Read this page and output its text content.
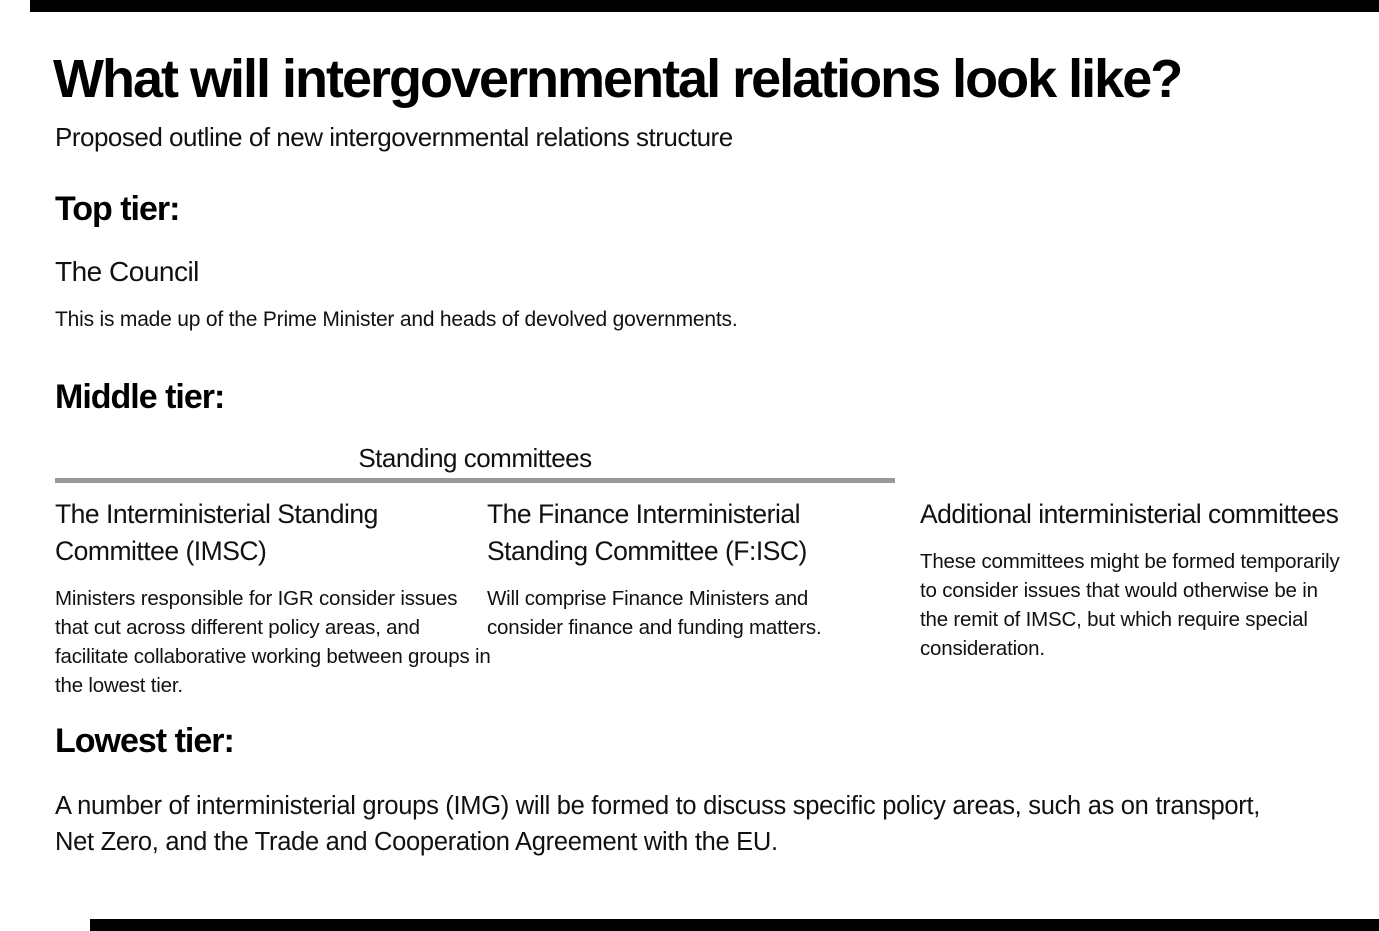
What will intergovernmental relations look like?
Proposed outline of new intergovernmental relations structure
Top tier:
The Council
This is made up of the Prime Minister and heads of devolved governments.
Middle tier:
Standing committees
The Interministerial Standing Committee (IMSC)
Ministers responsible for IGR consider issues that cut across different policy areas, and facilitate collaborative working between groups in the lowest tier.
The Finance Interministerial Standing Committee (F:ISC)
Will comprise Finance Ministers and consider finance and funding matters.
Additional interministerial committees
These committees might be formed temporarily to consider issues that would otherwise be in the remit of IMSC, but which require special consideration.
Lowest tier:
A number of interministerial groups (IMG) will be formed to discuss specific policy areas, such as on transport, Net Zero, and the Trade and Cooperation Agreement with the EU.
